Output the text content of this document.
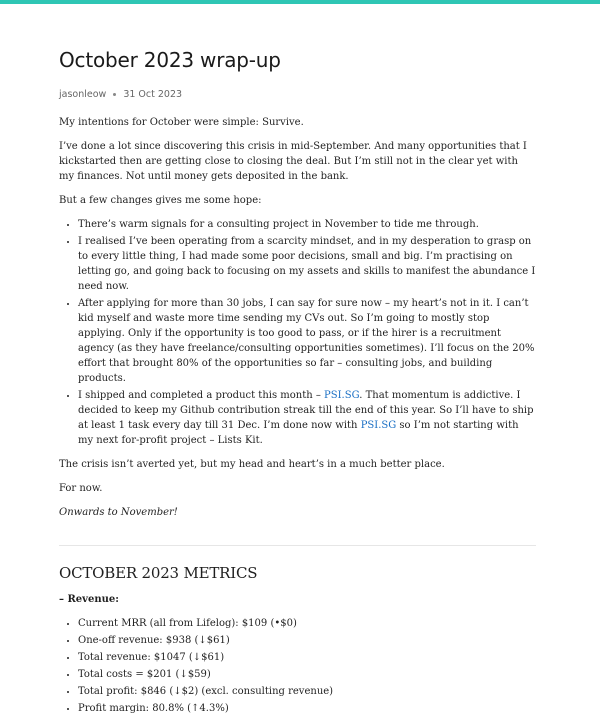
October 2023 wrap-up
jasonleow 31 Oct 2023

My intentions for October were simple: Survive.

I’ve done a lot since discovering this crisis in mid-September. And many opportunities that I kickstarted then are getting close to closing the deal. But I’m still not in the clear yet with my finances. Not until money gets deposited in the bank.

But a few changes gives me some hope:

• There’s warm signals for a consulting project in November to tide me through.
• I realised I’ve been operating from a scarcity mindset, and in my desperation to grasp on to every little thing, I had made some poor decisions, small and big. I’m practising on letting go, and going back to focusing on my assets and skills to manifest the abundance I need now.
• After applying for more than 30 jobs, I can say for sure now – my heart’s not in it. I can’t kid myself and waste more time sending my CVs out. So I’m going to mostly stop applying. Only if the opportunity is too good to pass, or if the hirer is a recruitment agency (as they have freelance/consulting opportunities sometimes). I’ll focus on the 20% effort that brought 80% of the opportunities so far – consulting jobs, and building products.
• I shipped and completed a product this month – PSI.SG. That momentum is addictive. I decided to keep my Github contribution streak till the end of this year. So I’ll have to ship at least 1 task every day till 31 Dec. I’m done now with PSI.SG so I’m not starting with my next for-profit project – Lists Kit.

The crisis isn’t averted yet, but my head and heart’s in a much better place.

For now.

Onwards to November!

OCTOBER 2023 METRICS

– Revenue:

• Current MRR (all from Lifelog): $109 (•$0)
• One-off revenue: $938 (↓$61)
• Total revenue: $1047 (↓$61)
• Total costs = $201 (↓$59)
• Total profit: $846 (↓$2) (excl. consulting revenue)
• Profit margin: 80.8% (↑4.3%)
